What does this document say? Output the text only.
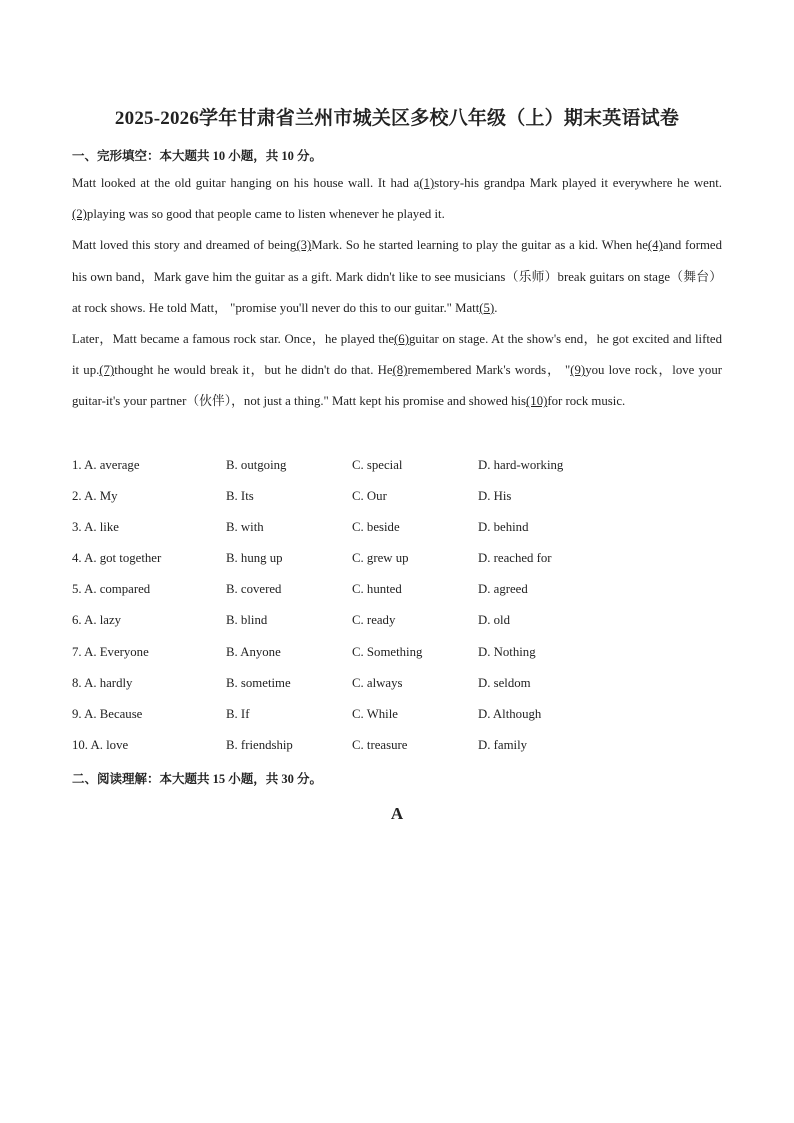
2025-2026学年甘肃省兰州市城关区多校八年级（上）期末英语试卷
一、完形填空：本大题共 10 小题，共 10 分。

Matt looked at the old guitar hanging on his house wall. It had a(1)story-his grandpa Mark played it everywhere he went.(2)playing was so good that people came to listen whenever he played it.

Matt loved this story and dreamed of being(3)Mark. So he started learning to play the guitar as a kid. When he(4)and formed his own band，Mark gave him the guitar as a gift. Mark didn't like to see musicians（乐师）break guitars on stage（舞台）at rock shows. He told Matt， "promise you'll never do this to our guitar." Matt(5).

Later，Matt became a famous rock star. Once，he played the(6)guitar on stage. At the show's end，he got excited and lifted it up.(7)thought he would break it，but he didn't do that. He(8)remembered Mark's words， "(9)you love rock，love your guitar-it's your partner（伙伴），not just a thing." Matt kept his promise and showed his(10)for rock music.

1. A. average	B. outgoing	C. special	D. hard-working
2. A. My	B. Its	C. Our	D. His
3. A. like	B. with	C. beside	D. behind
4. A. got together	B. hung up	C. grew up	D. reached for
5. A. compared	B. covered	C. hunted	D. agreed
6. A. lazy	B. blind	C. ready	D. old
7. A. Everyone	B. Anyone	C. Something	D. Nothing
8. A. hardly	B. sometime	C. always	D. seldom
9. A. Because	B. If	C. While	D. Although
10. A. love	B. friendship	C. treasure	D. family
二、阅读理解：本大题共 15 小题，共 30 分。
A
